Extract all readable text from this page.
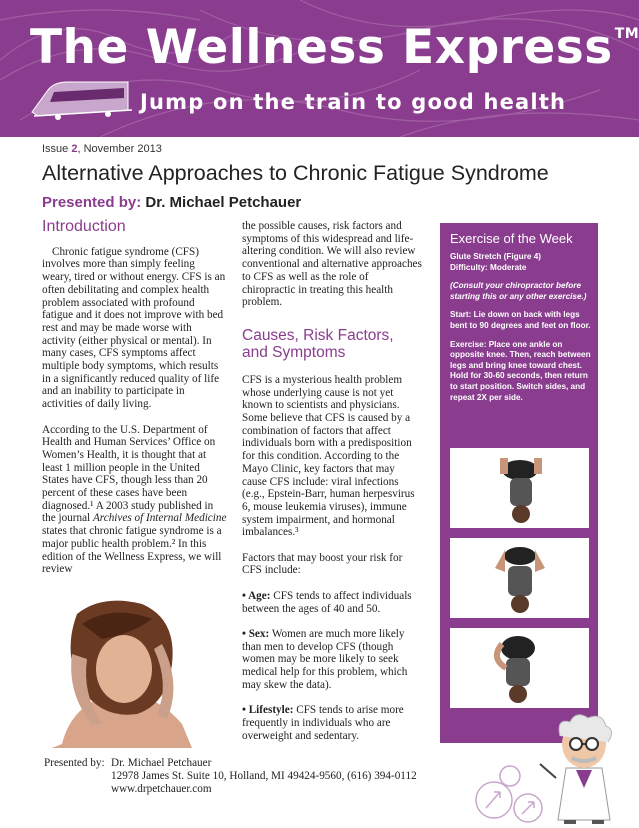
The Wellness Express ™
Jump on the train to good health
Issue 2, November 2013
Alternative Approaches to Chronic Fatigue Syndrome
Presented by: Dr. Michael Petchauer
Introduction

Chronic fatigue syndrome (CFS) involves more than simply feeling weary, tired or without energy. CFS is an often debilitating and complex health problem associated with profound fatigue and it does not improve with bed rest and may be made worse with activity (either physical or mental). In many cases, CFS symptoms affect multiple body symptoms, which results in a significantly reduced quality of life and an inability to participate in activities of daily living.

According to the U.S. Department of Health and Human Services’ Office on Women’s Health, it is thought that at least 1 million people in the United States have CFS, though less than 20 percent of these cases have been diagnosed.¹ A 2003 study published in the journal Archives of Internal Medicine states that chronic fatigue syndrome is a major public health problem.² In this edition of the Wellness Express, we will review

the possible causes, risk factors and symptoms of this widespread and life-altering condition. We will also review conventional and alternative approaches to CFS as well as the role of chiropractic in treating this health problem.

Causes, Risk Factors, and Symptoms

CFS is a mysterious health problem whose underlying cause is not yet known to scientists and physicians. Some believe that CFS is caused by a combination of factors that affect individuals born with a predisposition for this condition. According to the Mayo Clinic, key factors that may cause CFS include: viral infections (e.g., Epstein-Barr, human herpesvirus 6, mouse leukemia viruses), immune system impairment, and hormonal imbalances.³

Factors that may boost your risk for CFS include:

• Age: CFS tends to affect individuals between the ages of 40 and 50.

• Sex: Women are much more likely than men to develop CFS (though women may be more likely to seek medical help for this problem, which may skew the data).

• Lifestyle: CFS tends to arise more frequently in individuals who are overweight and sedentary.

Exercise of the Week
Glute Stretch (Figure 4)

Difficulty: Moderate

(Consult your chiropractor before starting this or any other exercise.)

Start: Lie down on back with legs bent to 90 degrees and feet on floor.

Exercise: Place one ankle on opposite knee. Then, reach between legs and bring knee toward chest. Hold for 30-60 seconds, then return to start position. Switch sides, and repeat 2X per side.

Presented by: Dr. Michael Petchauer
12978 James St. Suite 10, Holland, MI 49424-9560, (616) 394-0112
www.drpetchauer.com
